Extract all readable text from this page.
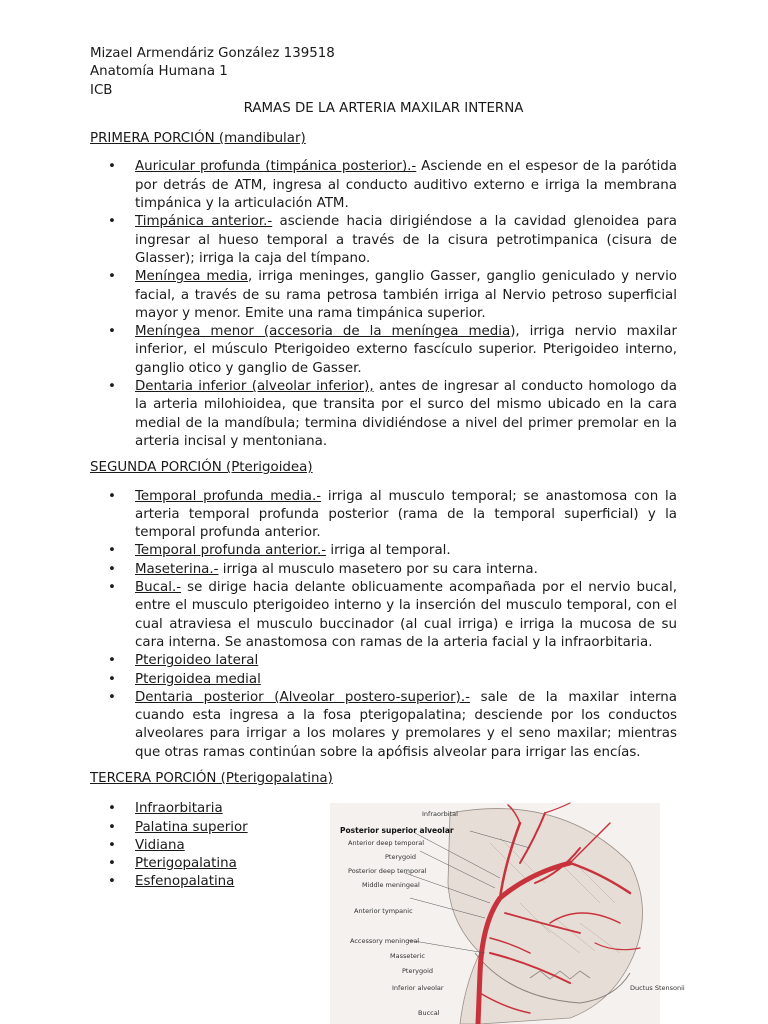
Mizael Armendáriz González 139518

Anatomía Humana 1

ICB

RAMAS DE LA ARTERIA MAXILAR INTERNA

PRIMERA PORCIÓN (mandibular)

• Auricular profunda (timpánica posterior).- Asciende en el espesor de la parótida por detrás de ATM, ingresa al conducto auditivo externo e irriga la membrana timpánica y la articulación ATM.
• Timpánica anterior.- asciende hacia dirigiéndose a la cavidad glenoidea para ingresar al hueso temporal a través de la cisura petrotimpanica (cisura de Glasser); irriga la caja del tímpano.
• Meníngea media, irriga meninges, ganglio Gasser, ganglio geniculado y nervio facial, a través de su rama petrosa también irriga al Nervio petroso superficial mayor y menor. Emite una rama timpánica superior.
• Meníngea menor (accesoria de la meníngea media), irriga nervio maxilar inferior, el músculo Pterigoideo externo fascículo superior. Pterigoideo interno, ganglio otico y ganglio de Gasser.
• Dentaria inferior (alveolar inferior), antes de ingresar al conducto homologo da la arteria milohioidea, que transita por el surco del mismo ubicado en la cara medial de la mandíbula; termina dividiéndose a nivel del primer premolar en la arteria incisal y mentoniana.

SEGUNDA PORCIÓN (Pterigoidea)

• Temporal profunda media.- irriga al musculo temporal; se anastomosa con la arteria temporal profunda posterior (rama de la temporal superficial) y la temporal profunda anterior.
• Temporal profunda anterior.- irriga al temporal.
• Maseterina.- irriga al musculo masetero por su cara interna.
• Bucal.- se dirige hacia delante oblicuamente acompañada por el nervio bucal, entre el musculo pterigoideo interno y la inserción del musculo temporal, con el cual atraviesa el musculo buccinador (al cual irriga) e irriga la mucosa de su cara interna. Se anastomosa con ramas de la arteria facial y la infraorbitaria.
• Pterigoideo lateral
• Pterigoidea medial
• Dentaria posterior (Alveolar postero-superior).- sale de la maxilar interna cuando esta ingresa a la fosa pterigopalatina; desciende por los conductos alveolares para irrigar a los molares y premolares y el seno maxilar; mientras que otras ramas continúan sobre la apófisis alveolar para irrigar las encías.

TERCERA PORCIÓN (Pterigopalatina)

• Infraorbitaria
• Palatina superior
• Vidiana
• Pterigopalatina
• Esfenopalatina
Infraorbital
Posterior superior alveolar
Anterior deep temporal
Pterygoid
Posterior deep temporal
Middle meningeal
Anterior tympanic
Accessory meningeal
Masseteric
Pterygoid
Inferior alveolar
Buccal
Ductus Stensonii
